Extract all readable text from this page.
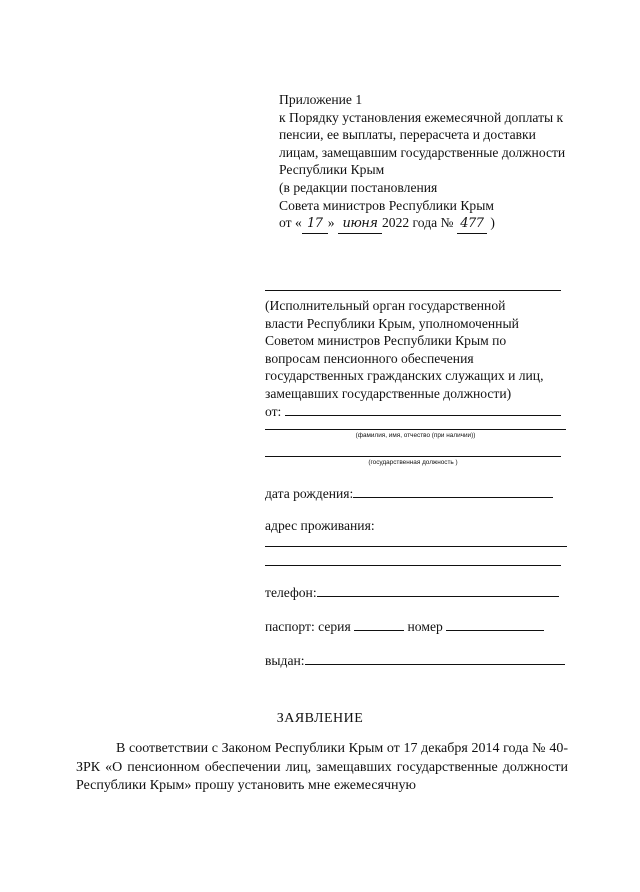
Приложение 1
к Порядку установления ежемесячной доплаты к
пенсии, ее выплаты, перерасчета и доставки
лицам, замещавшим государственные должности
Республики Крым
(в редакции постановления
Совета министров Республики Крым
от « 17 » июня 2022 года № 477 )
(Исполнительный орган государственной
власти Республики Крым, уполномоченный
Советом министров Республики Крым по
вопросам пенсионного обеспечения
государственных гражданских служащих и лиц,
замещавших государственные должности)
от:
(фамилия, имя, отчество (при наличии))
(государственная должность )
дата рождения:
адрес проживания:
телефон:
паспорт: серия	номер
выдан:
ЗАЯВЛЕНИЕ
В соответствии с Законом Республики Крым от 17 декабря 2014 года № 40-ЗРК «О пенсионном обеспечении лиц, замещавших государственные должности Республики Крым» прошу установить мне ежемесячную
